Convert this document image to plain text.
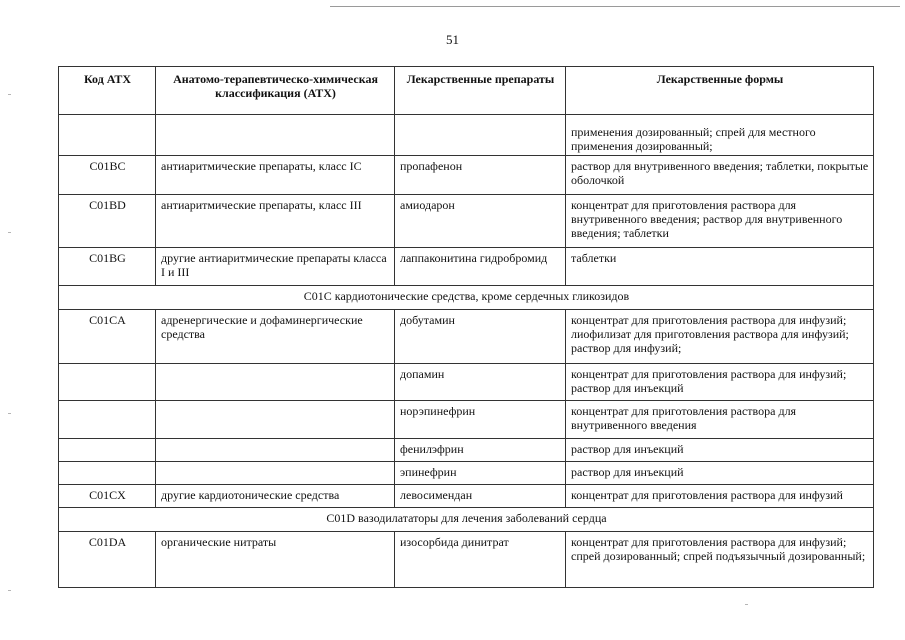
51
Код АТХ	Анатомо-терапевтическо-химическая классификация (АТХ)	Лекарственные препараты	Лекарственные формы
			применения дозированный; спрей для местного применения дозированный;
C01BC	антиаритмические препараты, класс IC	пропафенон	раствор для внутривенного введения; таблетки, покрытые оболочкой
C01BD	антиаритмические препараты, класс III	амиодарон	концентрат для приготовления раствора для внутривенного введения; раствор для внутривенного введения; таблетки
C01BG	другие антиаритмические препараты класса I и III	лаппаконитина гидробромид	таблетки
C01C кардиотонические средства, кроме сердечных гликозидов			
C01CA	адренергические и дофаминергические средства	добутамин	концентрат для приготовления раствора для инфузий; лиофилизат для приготовления раствора для инфузий; раствор для инфузий;
		допамин	концентрат для приготовления раствора для инфузий; раствор для инъекций
		норэпинефрин	концентрат для приготовления раствора для внутривенного введения
		фенилэфрин	раствор для инъекций
		эпинефрин	раствор для инъекций
C01CX	другие кардиотонические средства	левосимендан	концентрат для приготовления раствора для инфузий
C01D вазодилататоры для лечения заболеваний сердца			
C01DA	органические нитраты	изосорбида динитрат	концентрат для приготовления раствора для инфузий; спрей дозированный; спрей подъязычный дозированный;
